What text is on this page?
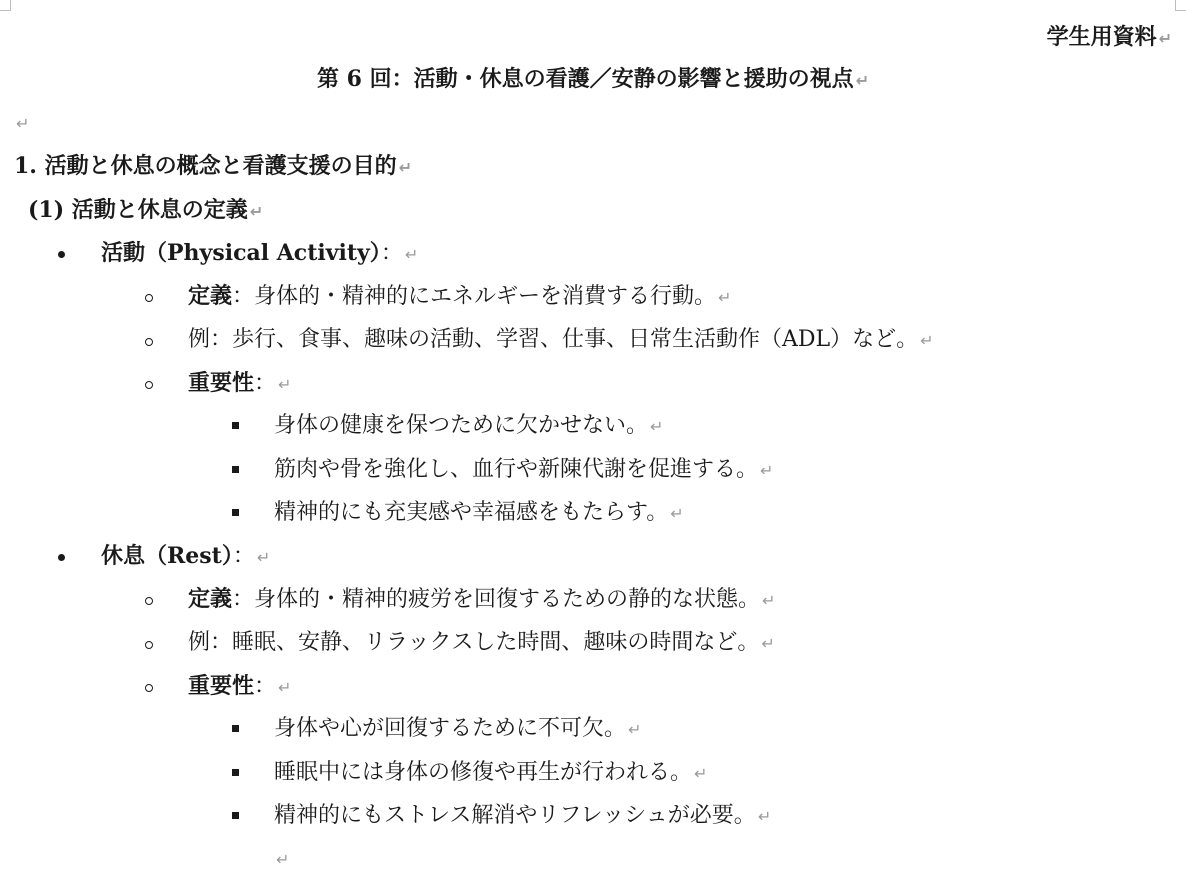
学生用資料 ↵
第 6 回：活動・休息の看護／安静の影響と援助の視点 ↵
↵
1. 活動と休息の概念と看護支援の目的 ↵
(1) 活動と休息の定義 ↵
活動（Physical Activity）： ↵
定義：身体的・精神的にエネルギーを消費する行動。 ↵
例：歩行、食事、趣味の活動、学習、仕事、日常生活動作（ADL）など。 ↵
重要性： ↵
身体の健康を保つために欠かせない。 ↵
筋肉や骨を強化し、血行や新陳代謝を促進する。 ↵
精神的にも充実感や幸福感をもたらす。 ↵
休息（Rest）： ↵
定義：身体的・精神的疲労を回復するための静的な状態。 ↵
例：睡眠、安静、リラックスした時間、趣味の時間など。 ↵
重要性： ↵
身体や心が回復するために不可欠。 ↵
睡眠中には身体の修復や再生が行われる。 ↵
精神的にもストレス解消やリフレッシュが必要。 ↵
↵
